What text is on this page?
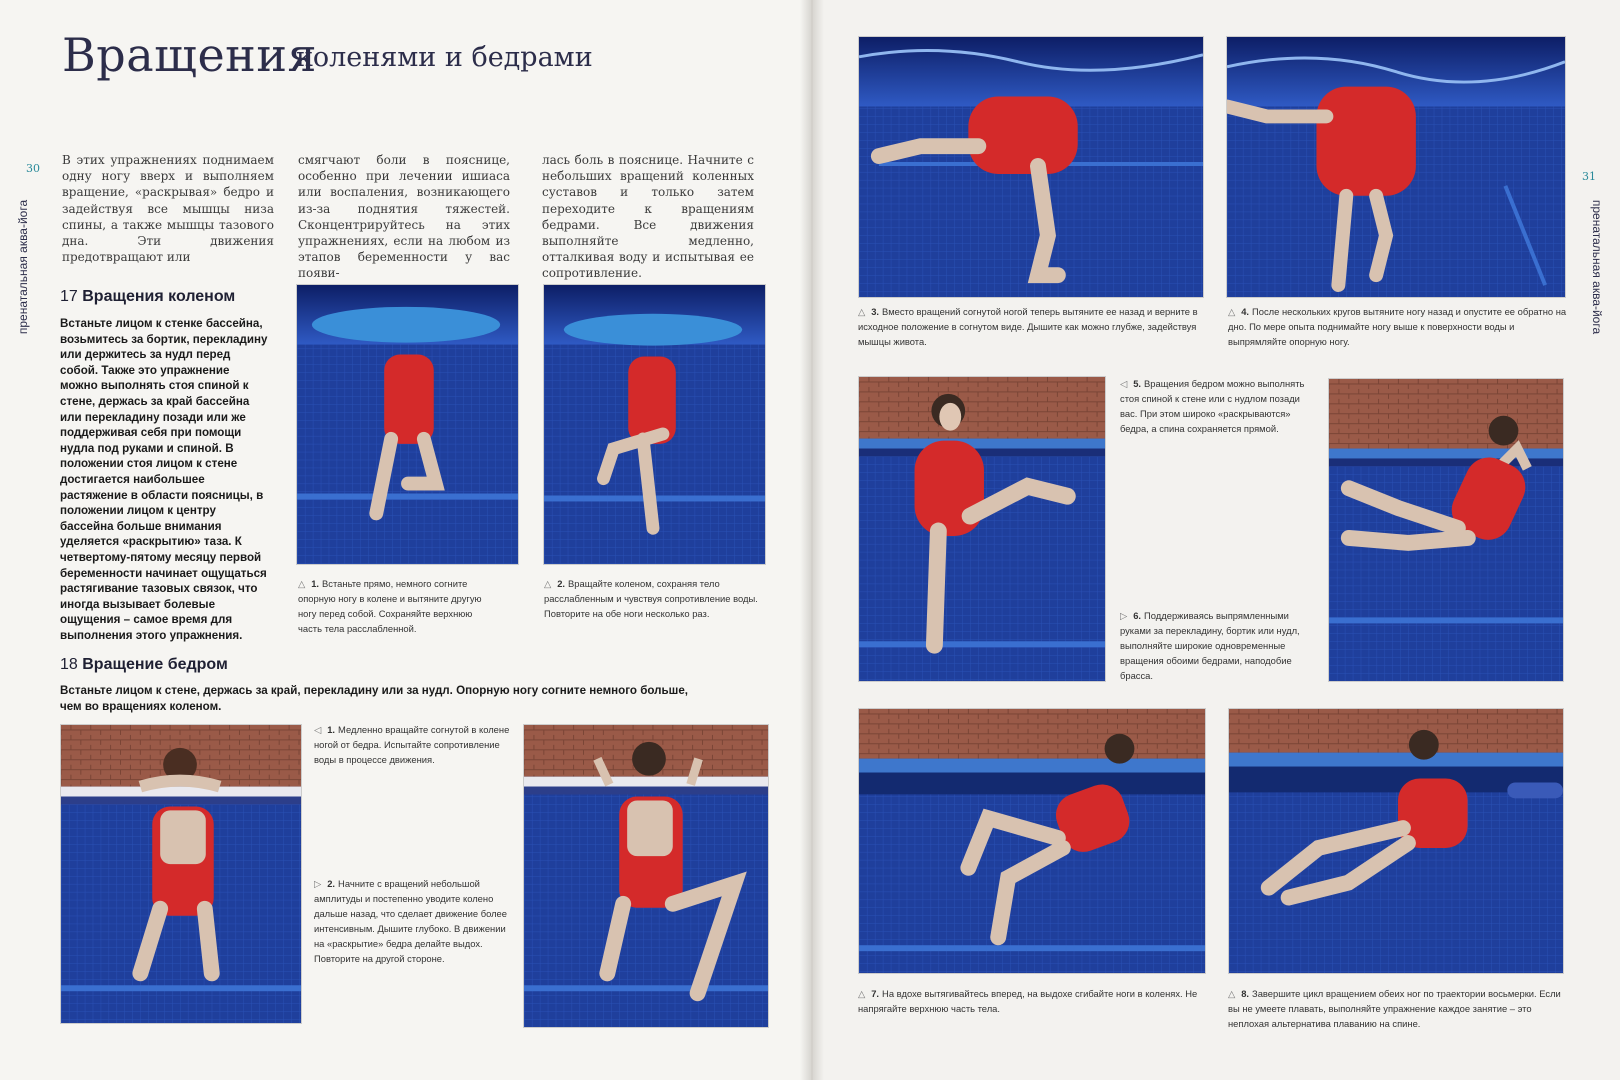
Вращения
коленями и бедрами
30
пренатальная аква-йога
31
пренатальная аква-йога
В этих упражнениях поднимаем одну ногу вверх и выполняем вращение, «раскрывая» бедро и задействуя все мышцы низа спины, а также мышцы тазового дна. Эти движения предотвращают или
смягчают боли в пояснице, особенно при лечении ишиаса или воспаления, возникающего из-за поднятия тяжестей. Сконцентрируйтесь на этих упражнениях, если на любом из этапов беременности у вас появи-
лась боль в пояснице. Начните с небольших вращений коленных суставов и только затем переходите к вращениям бедрами. Все движения выполняйте медленно, отталкивая воду и испытывая ее сопротивление.
17 Вращения коленом
Встаньте лицом к стенке бассейна, возьмитесь за бортик, перекладину или держитесь за нудл перед собой. Также это упражнение можно выполнять стоя спиной к стене, держась за край бассейна или перекладину позади или же поддерживая себя при помощи нудла под руками и спиной. В положении стоя лицом к стене достигается наибольшее растяжение в области поясницы, в положении лицом к центру бассейна больше внимания уделяется «раскрытию» таза. К четвертому-пятому месяцу первой беременности начинает ощущаться растягивание тазовых связок, что иногда вызывает болевые ощущения – самое время для выполнения этого упражнения.
△ 1. Встаньте прямо, немного согните опорную ногу в колене и вытяните другую ногу перед собой. Сохраняйте верхнюю часть тела расслабленной.
△ 2. Вращайте коленом, сохраняя тело расслабленным и чувствуя сопротивление воды. Повторите на обе ноги несколько раз.
18 Вращение бедром
Встаньте лицом к стене, держась за край, перекладину или за нудл. Опорную ногу согните немного больше, чем во вращениях коленом.
◁ 1. Медленно вращайте согнутой в колене ногой от бедра. Испытайте сопротивление воды в процессе движения.
▷ 2. Начните с вращений небольшой амплитуды и постепенно уводите колено дальше назад, что сделает движение более интенсивным. Дышите глубоко. В движении на «раскрытие» бедра делайте выдох. Повторите на другой стороне.
△ 3. Вместо вращений согнутой ногой теперь вытяните ее назад и верните в исходное положение в согнутом виде. Дышите как можно глубже, задействуя мышцы живота.
△ 4. После нескольких кругов вытяните ногу назад и опустите ее обратно на дно. По мере опыта поднимайте ногу выше к поверхности воды и выпрямляйте опорную ногу.
◁ 5. Вращения бедром можно выполнять стоя спиной к стене или с нудлом позади вас. При этом широко «раскрываются» бедра, а спина сохраняется прямой.
▷ 6. Поддерживаясь выпрямленными руками за перекладину, бортик или нудл, выполняйте широкие одновременные вращения обоими бедрами, наподобие брасса.
△ 7. На вдохе вытягивайтесь вперед, на выдохе сгибайте ноги в коленях. Не напрягайте верхнюю часть тела.
△ 8. Завершите цикл вращением обеих ног по траектории восьмерки. Если вы не умеете плавать, выполняйте упражнение каждое занятие – это неплохая альтернатива плаванию на спине.
